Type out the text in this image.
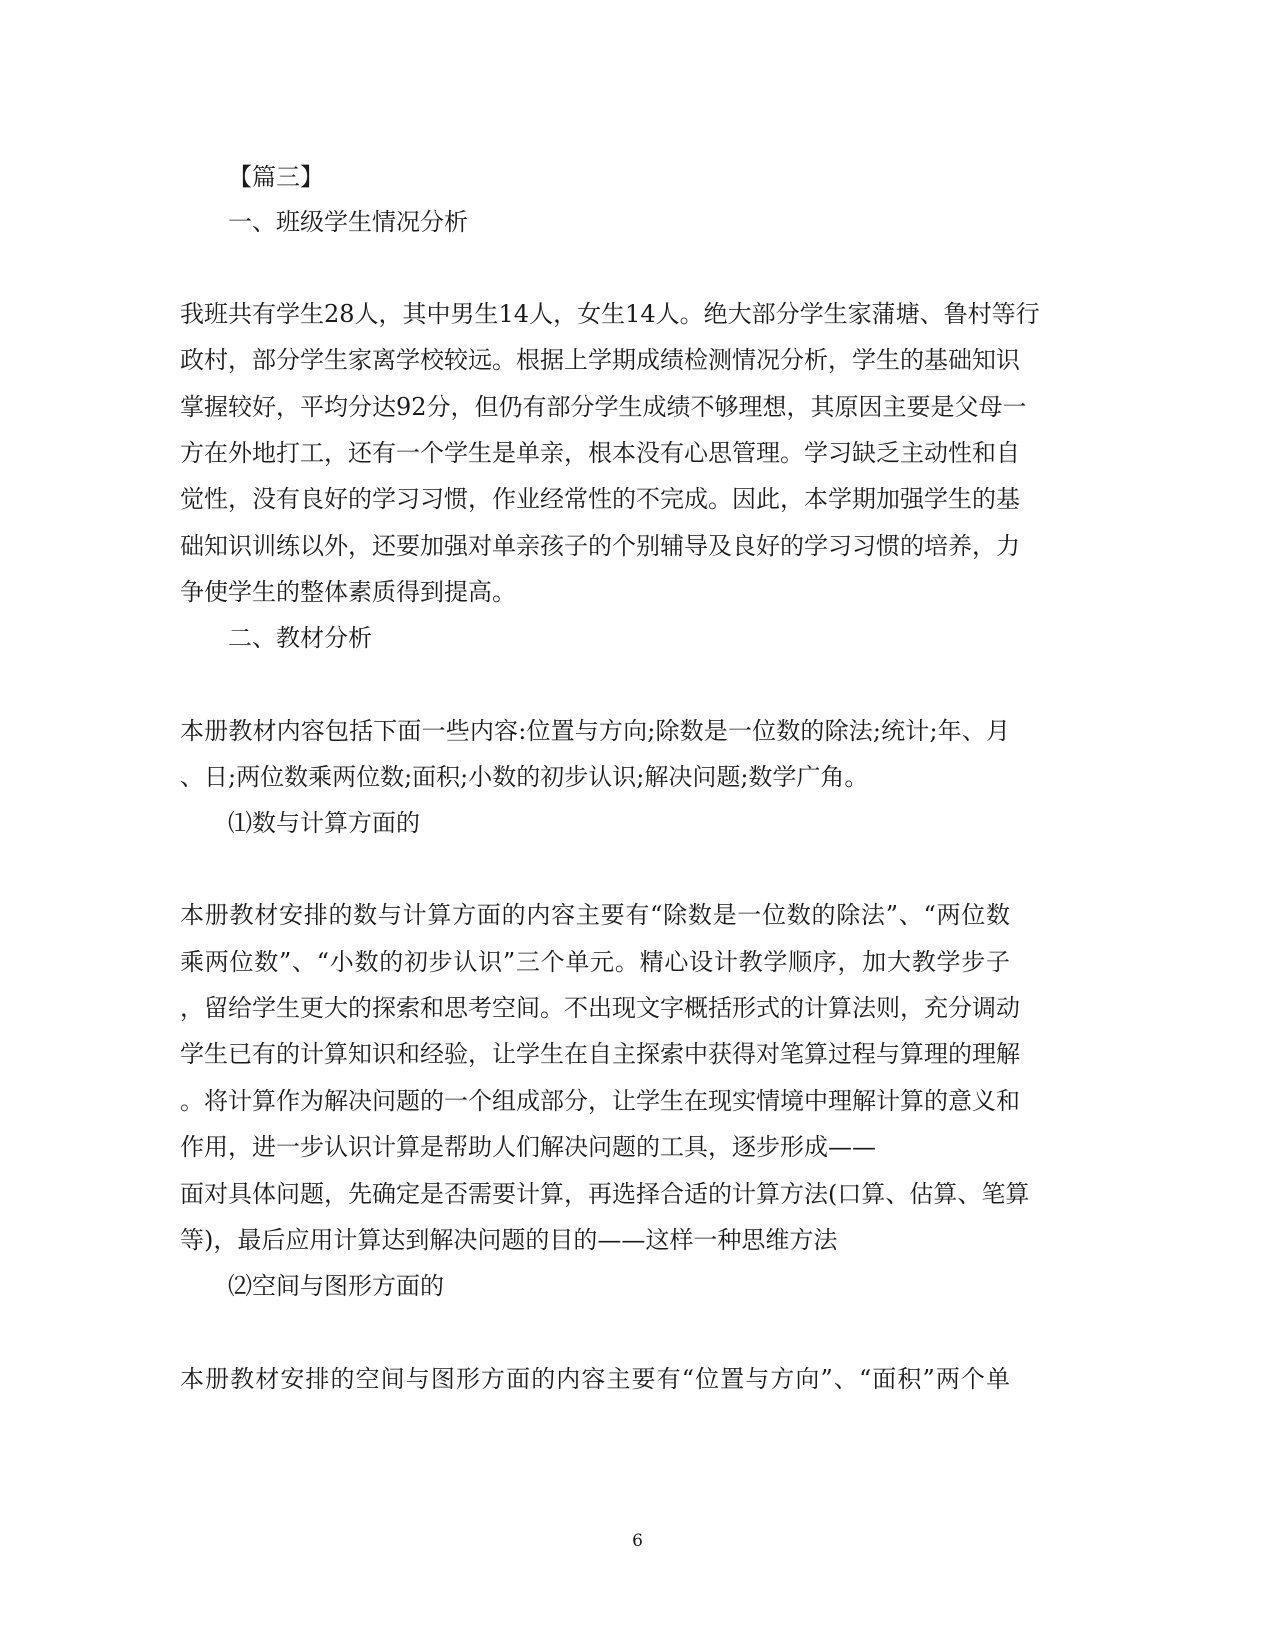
【篇三】
一、班级学生情况分析
我班共有学生28人，其中男生14人，女生14人。绝大部分学生家蒲塘、鲁村等行
政村，部分学生家离学校较远。根据上学期成绩检测情况分析，学生的基础知识
掌握较好，平均分达92分，但仍有部分学生成绩不够理想，其原因主要是父母一
方在外地打工，还有一个学生是单亲，根本没有心思管理。学习缺乏主动性和自
觉性，没有良好的学习习惯，作业经常性的不完成。因此，本学期加强学生的基
础知识训练以外，还要加强对单亲孩子的个别辅导及良好的学习习惯的培养，力
争使学生的整体素质得到提高。
二、教材分析
本册教材内容包括下面一些内容:位置与方向;除数是一位数的除法;统计;年、月
、日;两位数乘两位数;面积;小数的初步认识;解决问题;数学广角。
⑴数与计算方面的
本册教材安排的数与计算方面的内容主要有“除数是一位数的除法”、“两位数
乘两位数”、“小数的初步认识”三个单元。精心设计教学顺序，加大教学步子
，留给学生更大的探索和思考空间。不出现文字概括形式的计算法则，充分调动
学生已有的计算知识和经验，让学生在自主探索中获得对笔算过程与算理的理解
。将计算作为解决问题的一个组成部分，让学生在现实情境中理解计算的意义和
作用，进一步认识计算是帮助人们解决问题的工具，逐步形成——
面对具体问题，先确定是否需要计算，再选择合适的计算方法(口算、估算、笔算
等)，最后应用计算达到解决问题的目的——这样一种思维方法
⑵空间与图形方面的
本册教材安排的空间与图形方面的内容主要有“位置与方向”、“面积”两个单
6
